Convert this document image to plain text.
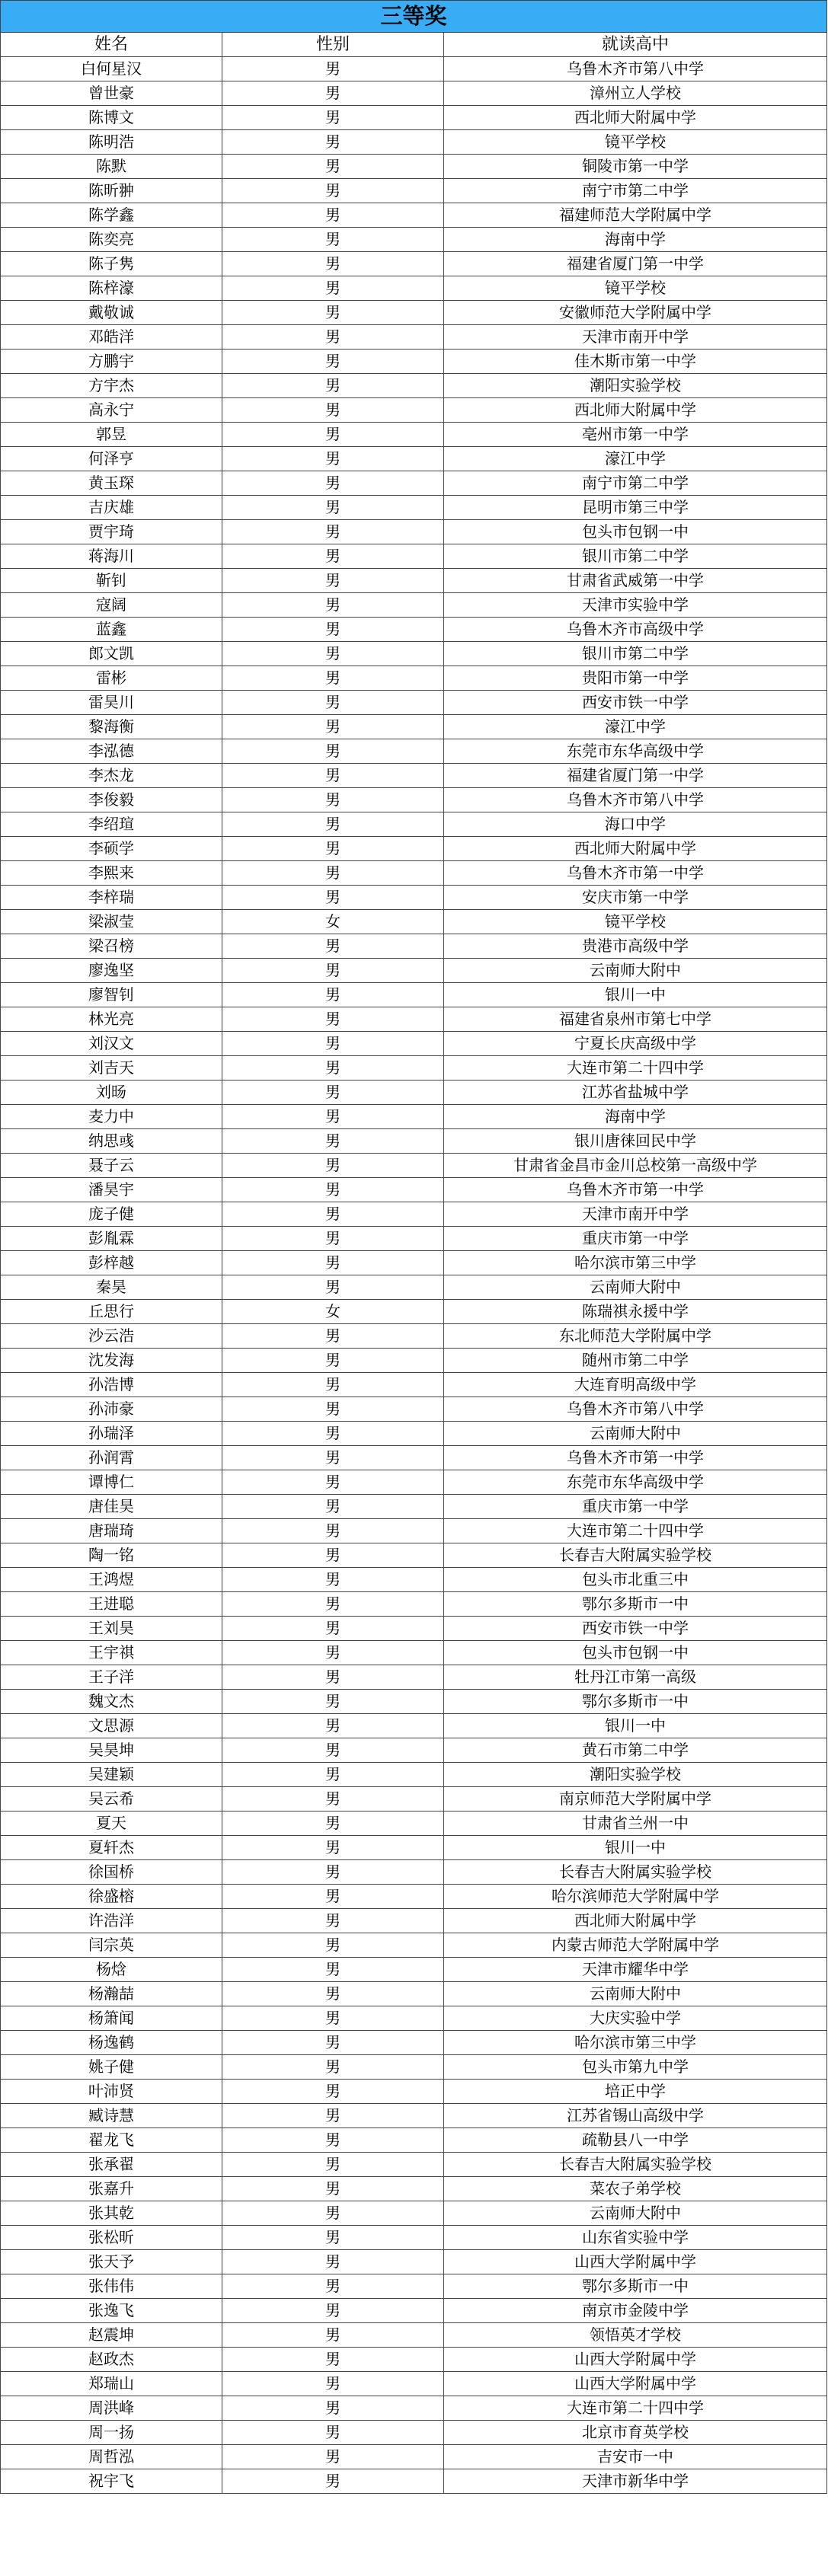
三等奖		
姓名	性别	就读高中
白何星汉	男	乌鲁木齐市第八中学
曾世豪	男	漳州立人学校
陈博文	男	西北师大附属中学
陈明浩	男	镜平学校
陈默	男	铜陵市第一中学
陈昕翀	男	南宁市第二中学
陈学鑫	男	福建师范大学附属中学
陈奕亮	男	海南中学
陈子隽	男	福建省厦门第一中学
陈梓濠	男	镜平学校
戴敬诚	男	安徽师范大学附属中学
邓皓洋	男	天津市南开中学
方鹏宇	男	佳木斯市第一中学
方宇杰	男	潮阳实验学校
高永宁	男	西北师大附属中学
郭昱	男	亳州市第一中学
何泽亨	男	濠江中学
黄玉琛	男	南宁市第二中学
吉庆雄	男	昆明市第三中学
贾宇琦	男	包头市包钢一中
蒋海川	男	银川市第二中学
靳钊	男	甘肃省武威第一中学
寇阔	男	天津市实验中学
蓝鑫	男	乌鲁木齐市高级中学
郎文凯	男	银川市第二中学
雷彬	男	贵阳市第一中学
雷昊川	男	西安市铁一中学
黎海衡	男	濠江中学
李泓德	男	东莞市东华高级中学
李杰龙	男	福建省厦门第一中学
李俊毅	男	乌鲁木齐市第八中学
李绍瑄	男	海口中学
李硕学	男	西北师大附属中学
李熙来	男	乌鲁木齐市第一中学
李梓瑞	男	安庆市第一中学
梁淑莹	女	镜平学校
梁召榜	男	贵港市高级中学
廖逸坚	男	云南师大附中
廖智钊	男	银川一中
林光亮	男	福建省泉州市第七中学
刘汉文	男	宁夏长庆高级中学
刘吉天	男	大连市第二十四中学
刘旸	男	江苏省盐城中学
麦力中	男	海南中学
纳思彧	男	银川唐徕回民中学
聂子云	男	甘肃省金昌市金川总校第一高级中学
潘昊宇	男	乌鲁木齐市第一中学
庞子健	男	天津市南开中学
彭胤霖	男	重庆市第一中学
彭梓越	男	哈尔滨市第三中学
秦昊	男	云南师大附中
丘思行	女	陈瑞祺永援中学
沙云浩	男	东北师范大学附属中学
沈发海	男	随州市第二中学
孙浩博	男	大连育明高级中学
孙沛豪	男	乌鲁木齐市第八中学
孙瑞泽	男	云南师大附中
孙润霄	男	乌鲁木齐市第一中学
谭博仁	男	东莞市东华高级中学
唐佳昊	男	重庆市第一中学
唐瑞琦	男	大连市第二十四中学
陶一铭	男	长春吉大附属实验学校
王鸿煜	男	包头市北重三中
王进聪	男	鄂尔多斯市一中
王刘昊	男	西安市铁一中学
王宇祺	男	包头市包钢一中
王子洋	男	牡丹江市第一高级
魏文杰	男	鄂尔多斯市一中
文思源	男	银川一中
吴昊坤	男	黄石市第二中学
吴建颖	男	潮阳实验学校
吴云希	男	南京师范大学附属中学
夏天	男	甘肃省兰州一中
夏轩杰	男	银川一中
徐国桥	男	长春吉大附属实验学校
徐盛榕	男	哈尔滨师范大学附属中学
许浩洋	男	西北师大附属中学
闫宗英	男	内蒙古师范大学附属中学
杨焓	男	天津市耀华中学
杨瀚喆	男	云南师大附中
杨箫闻	男	大庆实验中学
杨逸鹤	男	哈尔滨市第三中学
姚子健	男	包头市第九中学
叶沛贤	男	培正中学
臧诗慧	男	江苏省锡山高级中学
翟龙飞	男	疏勒县八一中学
张承翟	男	长春吉大附属实验学校
张嘉升	男	菜农子弟学校
张其乾	男	云南师大附中
张松昕	男	山东省实验中学
张天予	男	山西大学附属中学
张伟伟	男	鄂尔多斯市一中
张逸飞	男	南京市金陵中学
赵震坤	男	领悟英才学校
赵政杰	男	山西大学附属中学
郑瑞山	男	山西大学附属中学
周洪峰	男	大连市第二十四中学
周一扬	男	北京市育英学校
周哲泓	男	吉安市一中
祝宇飞	男	天津市新华中学
